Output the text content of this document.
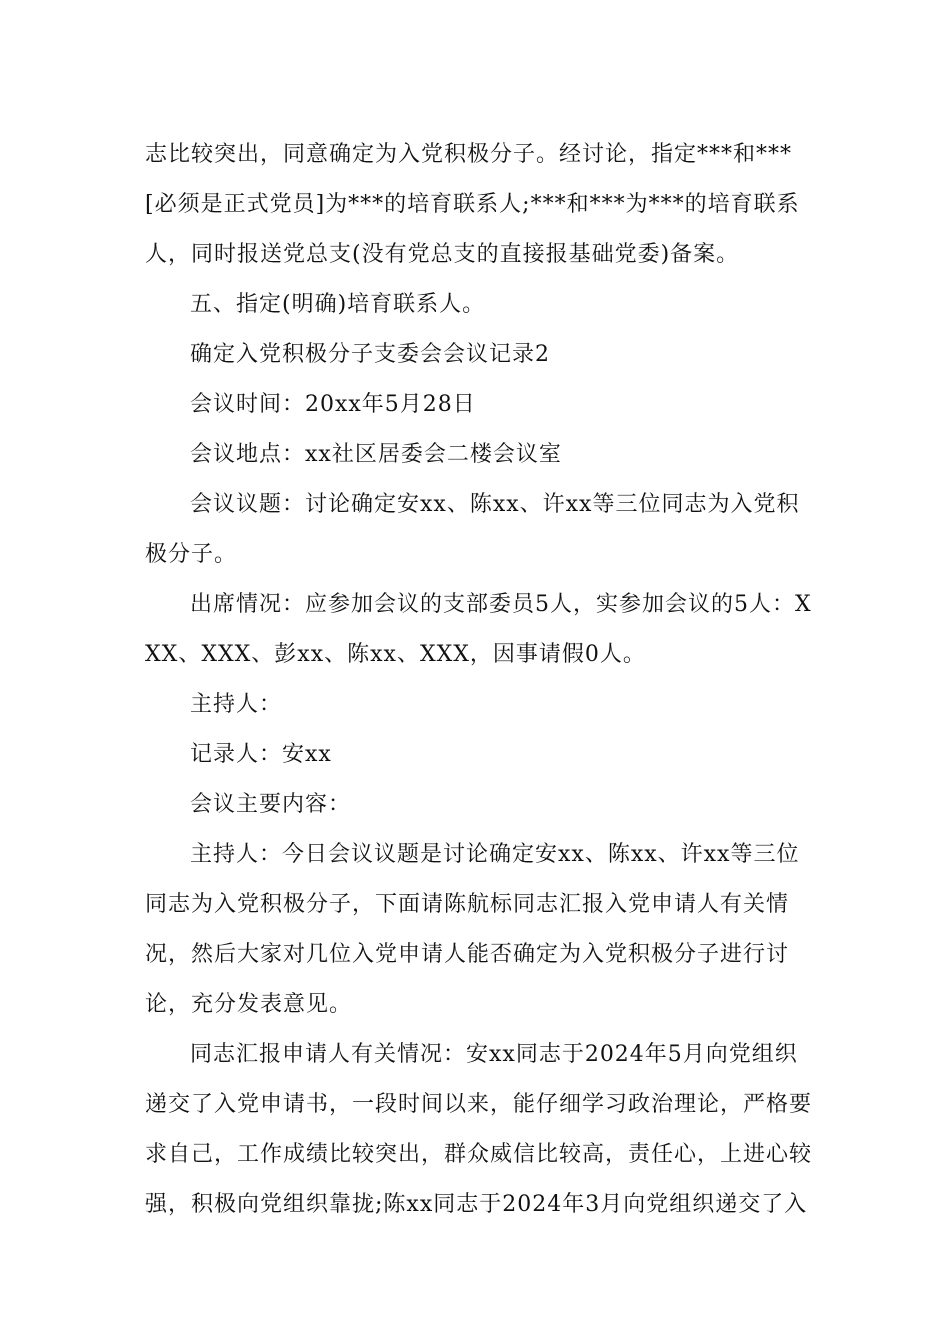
志比较突出，同意确定为入党积极分子。经讨论，指定***和***[必须是正式党员]为***的培育联系人;***和***为***的培育联系人，同时报送党总支(没有党总支的直接报基础党委)备案。

五、指定(明确)培育联系人。

确定入党积极分子支委会会议记录2

会议时间：20xx年5月28日

会议地点：xx社区居委会二楼会议室

会议议题：讨论确定安xx、陈xx、许xx等三位同志为入党积极分子。

出席情况：应参加会议的支部委员5人，实参加会议的5人：XXX、XXX、彭xx、陈xx、XXX，因事请假0人。

主持人：

记录人：安xx

会议主要内容：

主持人：今日会议议题是讨论确定安xx、陈xx、许xx等三位同志为入党积极分子，下面请陈航标同志汇报入党申请人有关情况，然后大家对几位入党申请人能否确定为入党积极分子进行讨论，充分发表意见。

同志汇报申请人有关情况：安xx同志于2024年5月向党组织递交了入党申请书，一段时间以来，能仔细学习政治理论，严格要求自己，工作成绩比较突出，群众威信比较高，责任心，上进心较强，积极向党组织靠拢;陈xx同志于2024年3月向党组织递交了入
